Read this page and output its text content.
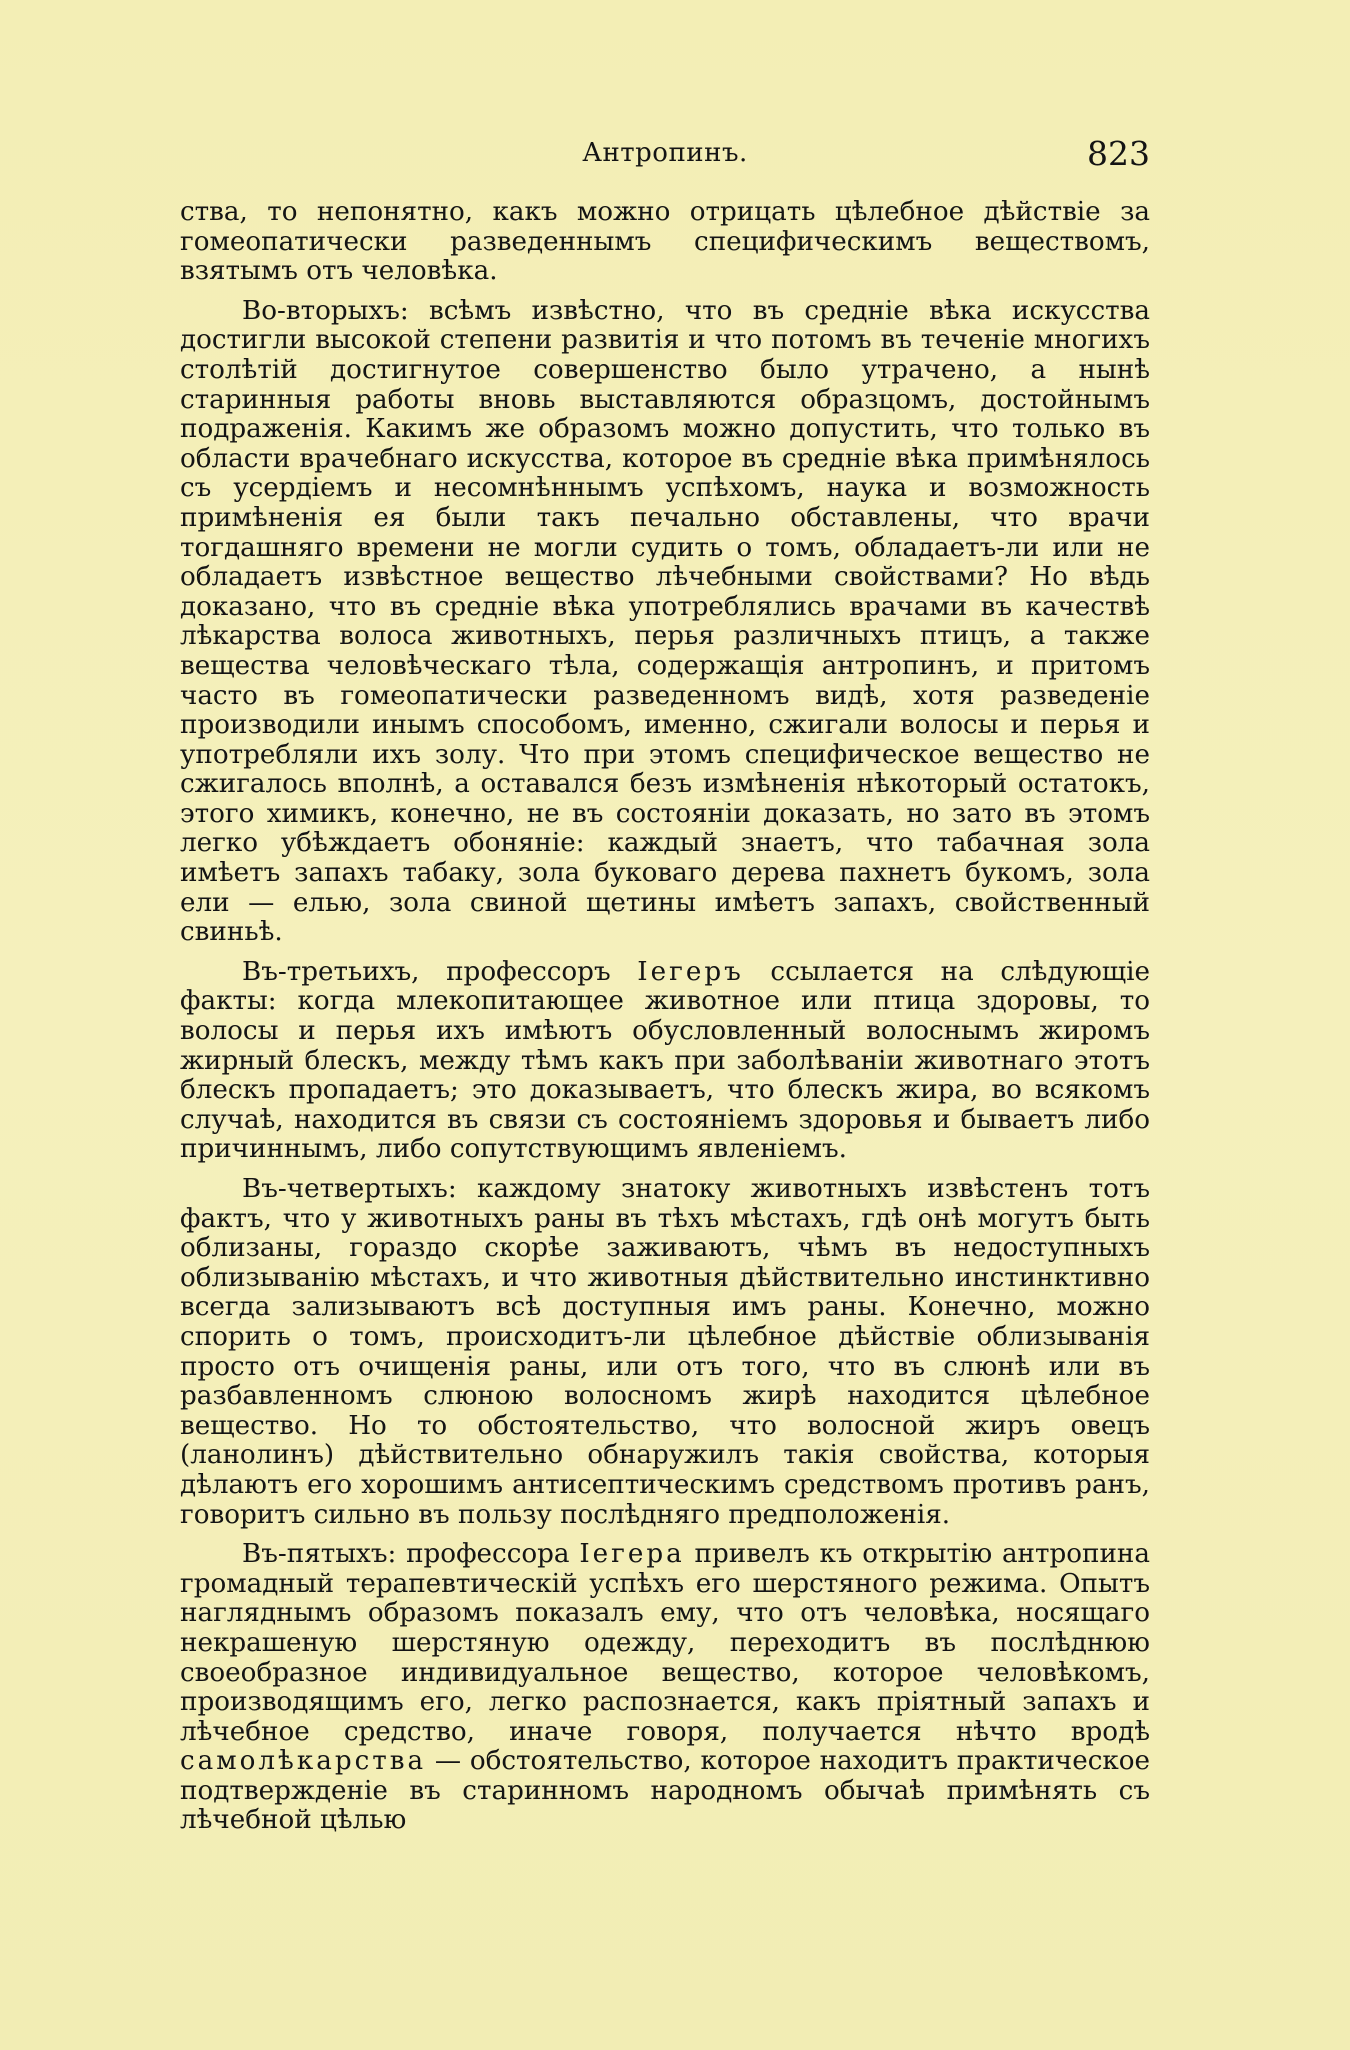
Антропинъ.	823

ства, то непонятно, какъ можно отрицать цѣлебное дѣйствіе за гомеопатически разведеннымъ специфическимъ веществомъ, взятымъ отъ человѣка.

Во-вторыхъ: всѣмъ извѣстно, что въ средніе вѣка искусства достигли высокой степени развитія и что потомъ въ теченіе многихъ столѣтій достигнутое совершенство было утрачено, а нынѣ старинныя работы вновь выставляются образцомъ, достойнымъ подраженія. Какимъ же образомъ можно допустить, что только въ области врачебнаго искусства, которое въ средніе вѣка примѣнялось съ усердіемъ и несомнѣннымъ успѣхомъ, наука и возможность примѣненія ея были такъ печально обставлены, что врачи тогдашняго времени не могли судить о томъ, обладаетъ-ли или не обладаетъ извѣстное вещество лѣчебными свойствами? Но вѣдь доказано, что въ средніе вѣка употреблялись врачами въ качествѣ лѣкарства волоса животныхъ, перья различныхъ птицъ, а также вещества человѣческаго тѣла, содержащія антропинъ, и притомъ часто въ гомеопатически разведенномъ видѣ, хотя разведеніе производили инымъ способомъ, именно, сжигали волосы и перья и употребляли ихъ золу. Что при этомъ специфическое вещество не сжигалось вполнѣ, а оставался безъ измѣненія нѣкоторый остатокъ, этого химикъ, конечно, не въ состояніи доказать, но зато въ этомъ легко убѣждаетъ обоняніе: каждый знаетъ, что табачная зола имѣетъ запахъ табаку, зола буковаго дерева пахнетъ букомъ, зола ели — елью, зола свиной щетины имѣетъ запахъ, свойственный свиньѣ.

Въ-третьихъ, профессоръ Iегеръ ссылается на слѣдующіе факты: когда млекопитающее животное или птица здоровы, то волосы и перья ихъ имѣютъ обусловленный волоснымъ жиромъ жирный блескъ, между тѣмъ какъ при заболѣваніи животнаго этотъ блескъ пропадаетъ; это доказываетъ, что блескъ жира, во всякомъ случаѣ, находится въ связи съ состояніемъ здоровья и бываетъ либо причиннымъ, либо сопутствующимъ явленіемъ.

Въ-четвертыхъ: каждому знатоку животныхъ извѣстенъ тотъ фактъ, что у животныхъ раны въ тѣхъ мѣстахъ, гдѣ онѣ могутъ быть облизаны, гораздо скорѣе заживаютъ, чѣмъ въ недоступныхъ облизыванію мѣстахъ, и что животныя дѣйствительно инстинктивно всегда зализываютъ всѣ доступныя имъ раны. Конечно, можно спорить о томъ, происходитъ-ли цѣлебное дѣйствіе облизыванія просто отъ очищенія раны, или отъ того, что въ слюнѣ или въ разбавленномъ слюною волосномъ жирѣ находится цѣлебное вещество. Но то обстоятельство, что волосной жиръ овецъ (ланолинъ) дѣйствительно обнаружилъ такія свойства, которыя дѣлаютъ его хорошимъ антисептическимъ средствомъ противъ ранъ, говоритъ сильно въ пользу послѣдняго предположенія.

Въ-пятыхъ: профессора Iегера привелъ къ открытію антропина громадный терапевтическій успѣхъ его шерстяного режима. Опытъ нагляднымъ образомъ показалъ ему, что отъ человѣка, носящаго некрашеную шерстяную одежду, переходитъ въ послѣднюю своеобразное индивидуальное вещество, которое человѣкомъ, производящимъ его, легко распознается, какъ пріятный запахъ и лѣчебное средство, иначе говоря, получается нѣчто вродѣ самолѣкарства — обстоятельство, которое находитъ практическое подтвержденіе въ старинномъ народномъ обычаѣ примѣнять съ лѣчебной цѣлью
